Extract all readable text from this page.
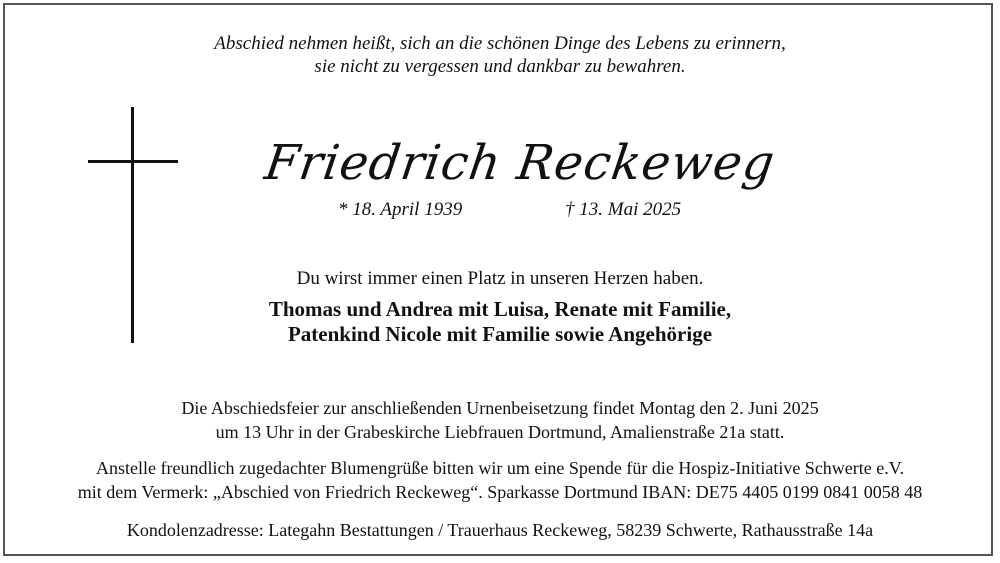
Abschied nehmen heißt, sich an die schönen Dinge des Lebens zu erinnern,
sie nicht zu vergessen und dankbar zu bewahren.
Friedrich Reckeweg
* 18. April 1939	† 13. Mai 2025
Du wirst immer einen Platz in unseren Herzen haben.
Thomas und Andrea mit Luisa, Renate mit Familie,
Patenkind Nicole mit Familie sowie Angehörige
Die Abschiedsfeier zur anschließenden Urnenbeisetzung findet Montag den 2. Juni 2025
um 13 Uhr in der Grabeskirche Liebfrauen Dortmund, Amalienstraße 21a statt.
Anstelle freundlich zugedachter Blumengrüße bitten wir um eine Spende für die Hospiz-Initiative Schwerte e.V.
mit dem Vermerk: „Abschied von Friedrich Reckeweg“. Sparkasse Dortmund IBAN: DE75 4405 0199 0841 0058 48
Kondolenzadresse: Lategahn Bestattungen / Trauerhaus Reckeweg, 58239 Schwerte, Rathausstraße 14a
